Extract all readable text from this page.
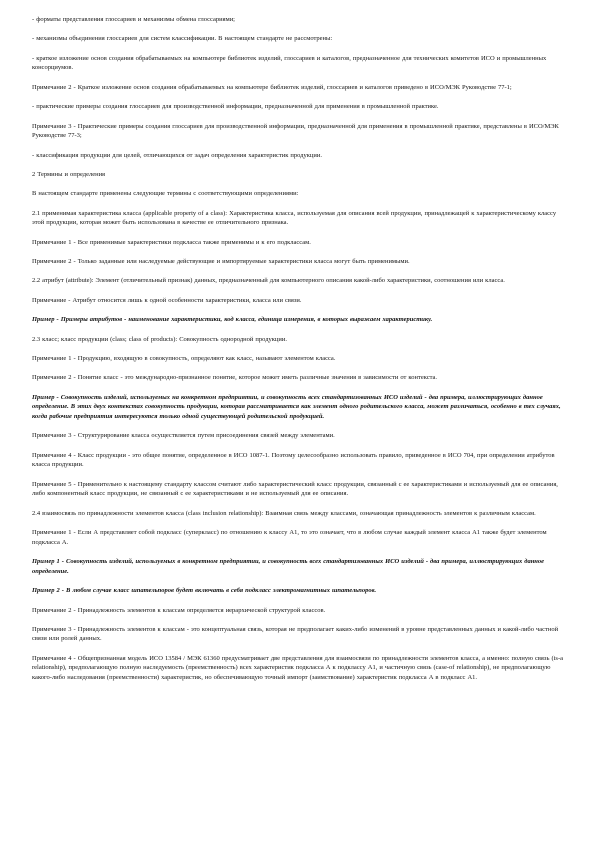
- форматы представления глоссариев и механизмы обмена глоссариями;

- механизмы объединения глоссариев для систем классификации. В настоящем стандарте не рассмотрены:

- краткое изложение основ создания обрабатываемых на компьютере библиотек изделий, глоссариев и каталогов, предназначенное для технических комитетов ИСО и промышленных консорциумов.

Примечание 2 - Краткое изложение основ создания обрабатываемых на компьютере библиотек изделий, глоссариев и каталогов приведено в ИСО/МЭК Руководстве 77-1;

- практические примеры создания глоссариев для производственной информации, предназначенной для применения в промышленной практике.

Примечание 3 - Практические примеры создания глоссариев для производственной информации, предназначенной для применения в промышленной практике, представлены в ИСО/МЭК Руководстве 77-3;

- классификация продукции для целей, отличающихся от задач определения характеристик продукции.

2 Термины и определения

В настоящем стандарте применены следующие термины с соответствующими определениями:

2.1 применимая характеристика класса (applicable property of a class): Характеристика класса, используемая для описания всей продукции, принадлежащей к характеристическому классу этой продукции, которая может быть использована в качестве ее отличительного признака.

Примечание 1 - Все применимые характеристики подкласса также применимы и к его подклассам.

Примечание 2 - Только заданные или наследуемые действующие и импортируемые характеристики класса могут быть применимыми.

2.2 атрибут (attribute): Элемент (отличительный признак) данных, предназначенный для компьютерного описания какой-либо характеристики, соотношения или класса.

Примечание - Атрибут относится лишь к одной особенности характеристики, класса или связи.

Пример - Примеры атрибутов - наименование характеристики, код класса, единица измерения, в которых выражаем характеристику.

2.3 класс; класс продукции (class; class of products): Совокупность однородной продукции.

Примечание 1 - Продукцию, входящую в совокупность, определяют как класс, называют элементом класса.

Примечание 2 - Понятие класс - это международно-признанное понятие, которое может иметь различные значения в зависимости от контекста.

Пример - Совокупность изделий, используемых на конкретном предприятии, и совокупность всех стандартизованных ИСО изделий - два примера, иллюстрирующих данное определение. В этих двух контекстах совокупность продукции, которая рассматривается как элемент одного родительского класса, может различаться, особенно в тех случаях, когда рабочие предприятия интересуются только одной существующей родительской продукцией.

Примечание 3 - Структурирование класса осуществляется путем присоединения связей между элементами.

Примечание 4 - Класс продукции - это общее понятие, определенное в ИСО 1087-1. Поэтому целесообразно использовать правило, приведенное в ИСО 704, при определении атрибутов класса продукции.

Примечание 5 - Применительно к настоящему стандарту классом считают либо характеристический класс продукции, связанный с ее характеристиками и используемый для ее описания, либо компонентный класс продукции, не связанный с ее характеристиками и не используемый для ее описания.

2.4 взаимосвязь по принадлежности элементов класса (class inclusion relationship): Взаимная связь между классами, означающая принадлежность элементов к различным классам.

Примечание 1 - Если А представляет собой подкласс (суперкласс) по отношению к классу А1, то это означает, что в любом случае каждый элемент класса А1 также будет элементом подкласса А.

Пример 1 - Совокупность изделий, используемых в конкретном предприятии, и совокупность всех стандартизованных ИСО изделий - два примера, иллюстрирующих данное определение.

Пример 2 - В любом случае класс шпательпоров будет включать в себя подкласс электромагнитных шпательпоров.

Примечание 2 - Принадлежность элементов к классам определяется иерархической структурой классов.

Примечание 3 - Принадлежность элементов к классам - это концептуальная связь, которая не предполагает каких-либо изменений в уровне представленных данных и какой-либо частной связи или ролей данных.

Примечание 4 - Общепризнанная модель ИСО 13584 / МЭК 61360 предусматривает две представления для взаимосвязи по принадлежности элементов класса, а именно: полную связь (is-a relationship), предполагающую полную наследуемость (преемственность) всех характеристик подкласса А к подклассу А1, и частичную связь (case-of relationship), не предполагающую какого-либо наследования (преемственности) характеристик, но обеспечивающую точный импорт (заимствование) характеристик подкласса А в подкласс А1.
